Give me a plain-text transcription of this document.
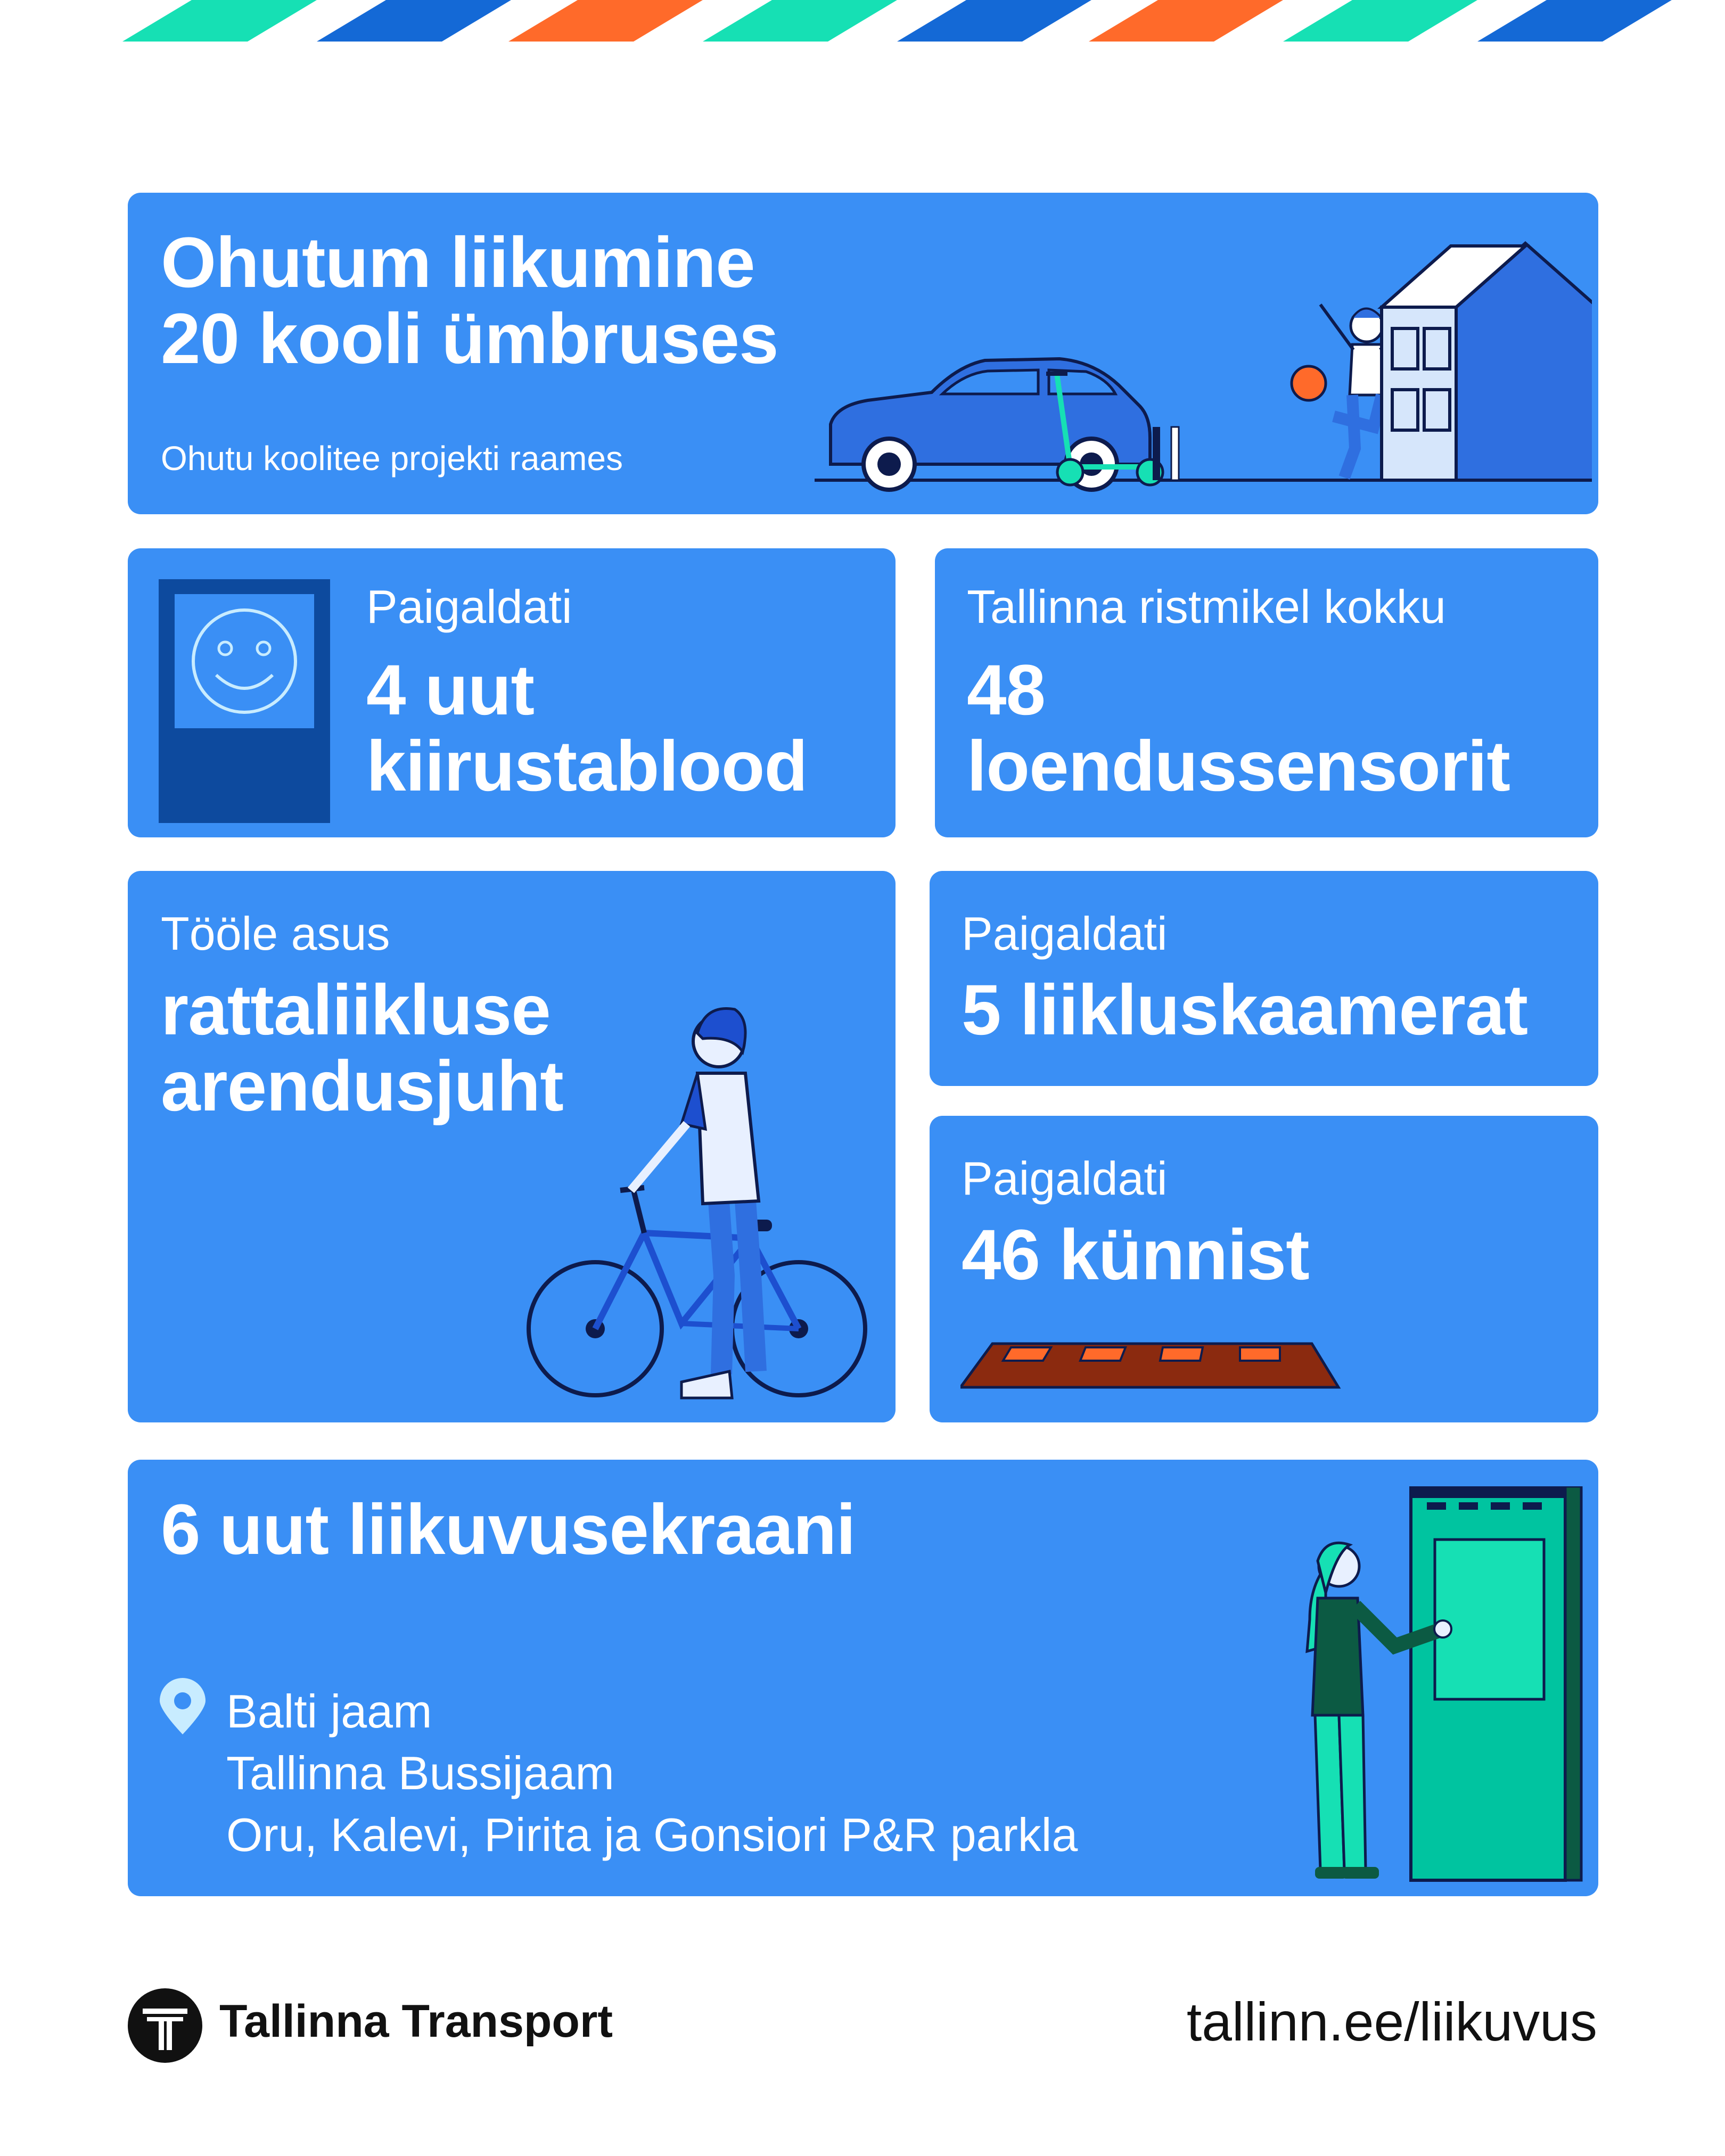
Ohutum liikumine
20 kooli ümbruses
Ohutu koolitee projekti raames
Paigaldati
4 uut
kiirustablood
Tallinna ristmikel kokku
48
loendussensorit
Tööle asus
rattaliikluse
arendusjuht
Paigaldati
5 liikluskaamerat
Paigaldati
46 künnist
6 uut liikuvusekraani
Balti jaam
Tallinna Bussijaam
Oru, Kalevi, Pirita ja Gonsiori P&R parkla
Tallinna Transport	tallinn.ee/liikuvus
